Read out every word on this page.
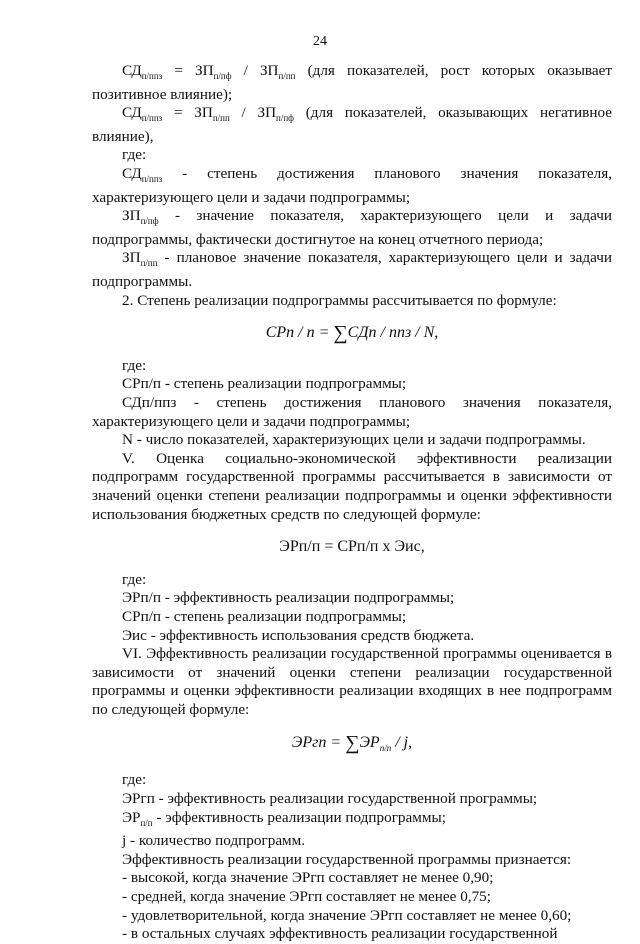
24

$СД_{п/ппз} = ЗП_{п/пф} / ЗП_{п/пп}$ (для показателей, рост которых оказывает позитивное влияние);

$СД_{п/ппз} = ЗП_{п/пп} / ЗП_{п/пф}$ (для показателей, оказывающих негативное влияние),

где:

$СД_{п/ппз}$ - степень достижения планового значения показателя, характеризующего цели и задачи подпрограммы;

$ЗП_{п/пф}$ - значение показателя, характеризующего цели и задачи подпрограммы, фактически достигнутое на конец отчетного периода;

$ЗП_{п/пп}$ - плановое значение показателя, характеризующего цели и задачи подпрограммы.

2. Степень реализации подпрограммы рассчитывается по формуле:

СРп / п = ∑СДп / ппз / N,

где:

СРп/п - степень реализации подпрограммы;

СДп/ппз - степень достижения планового значения показателя, характеризующего цели и задачи подпрограммы;

N - число показателей, характеризующих цели и задачи подпрограммы.

V. Оценка социально-экономической эффективности реализации подпрограмм государственной программы рассчитывается в зависимости от значений оценки степени реализации подпрограммы и оценки эффективности использования бюджетных средств по следующей формуле:

ЭРп/п = СРп/п х Эис,

где:

ЭРп/п - эффективность реализации подпрограммы;

СРп/п - степень реализации подпрограммы;

Эис - эффективность использования средств бюджета.

VI. Эффективность реализации государственной программы оценивается в зависимости от значений оценки степени реализации государственной программы и оценки эффективности реализации входящих в нее подпрограмм по следующей формуле:

ЭРгп = $\sum ЭР_{п/п}$ / j,

где:

ЭРгп - эффективность реализации государственной программы;

$ЭР_{п/п}$ - эффективность реализации подпрограммы;

j - количество подпрограмм.

Эффективность реализации государственной программы признается:

- высокой, когда значение ЭРгп составляет не менее 0,90;

- средней, когда значение ЭРгп составляет не менее 0,75;

- удовлетворительной, когда значение ЭРгп составляет не менее 0,60;

- в остальных случаях эффективность реализации государственной
